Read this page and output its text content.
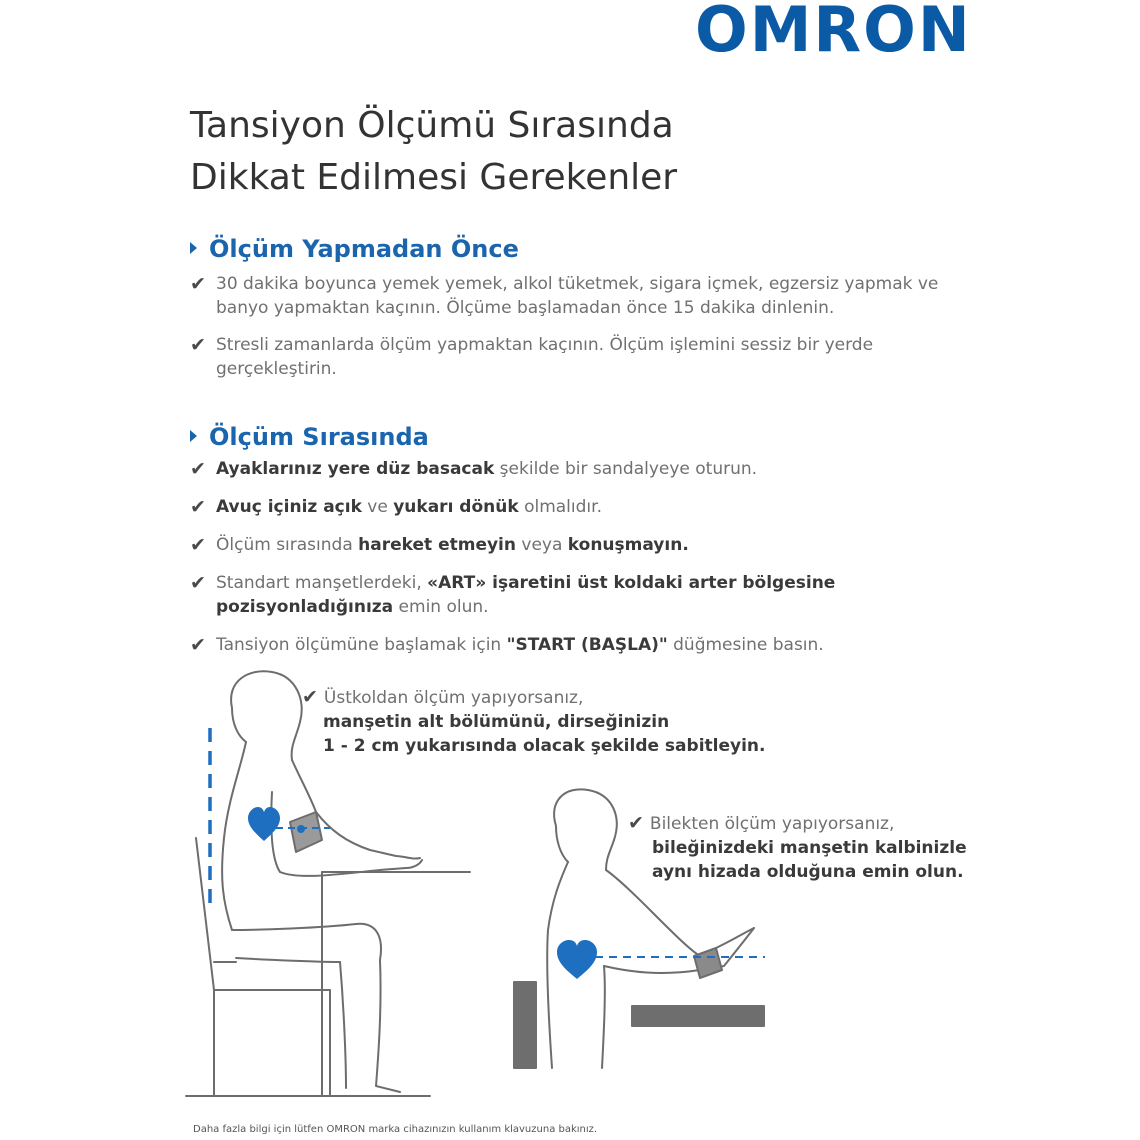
OMRON
Tansiyon Ölçümü Sırasında
Dikkat Edilmesi Gerekenler
Ölçüm Yapmadan Önce

✔ 30 dakika boyunca yemek yemek, alkol tüketmek, sigara içmek, egzersiz yapmak ve banyo yapmaktan kaçının. Ölçüme başlamadan önce 15 dakika dinlenin.

✔ Stresli zamanlarda ölçüm yapmaktan kaçının. Ölçüm işlemini sessiz bir yerde gerçekleştirin.

Ölçüm Sırasında

✔ Ayaklarınız yere düz basacak şekilde bir sandalyeye oturun.

✔ Avuç içiniz açık ve yukarı dönük olmalıdır.

✔ Ölçüm sırasında hareket etmeyin veya konuşmayın.

✔ Standart manşetlerdeki, «ART» işaretini üst koldaki arter bölgesine pozisyonladığınıza emin olun.

✔ Tansiyon ölçümüne başlamak için "START (BAŞLA)" düğmesine basın.

✔ Üstkoldan ölçüm yapıyorsanız,
manşetin alt bölümünü, dirseğinizin
1 - 2 cm yukarısında olacak şekilde sabitleyin.
✔ Bilekten ölçüm yapıyorsanız,
bileğinizdeki manşetin kalbinizle
aynı hizada olduğuna emin olun.

Daha fazla bilgi için lütfen OMRON marka cihazınızın kullanım klavuzuna bakınız.
